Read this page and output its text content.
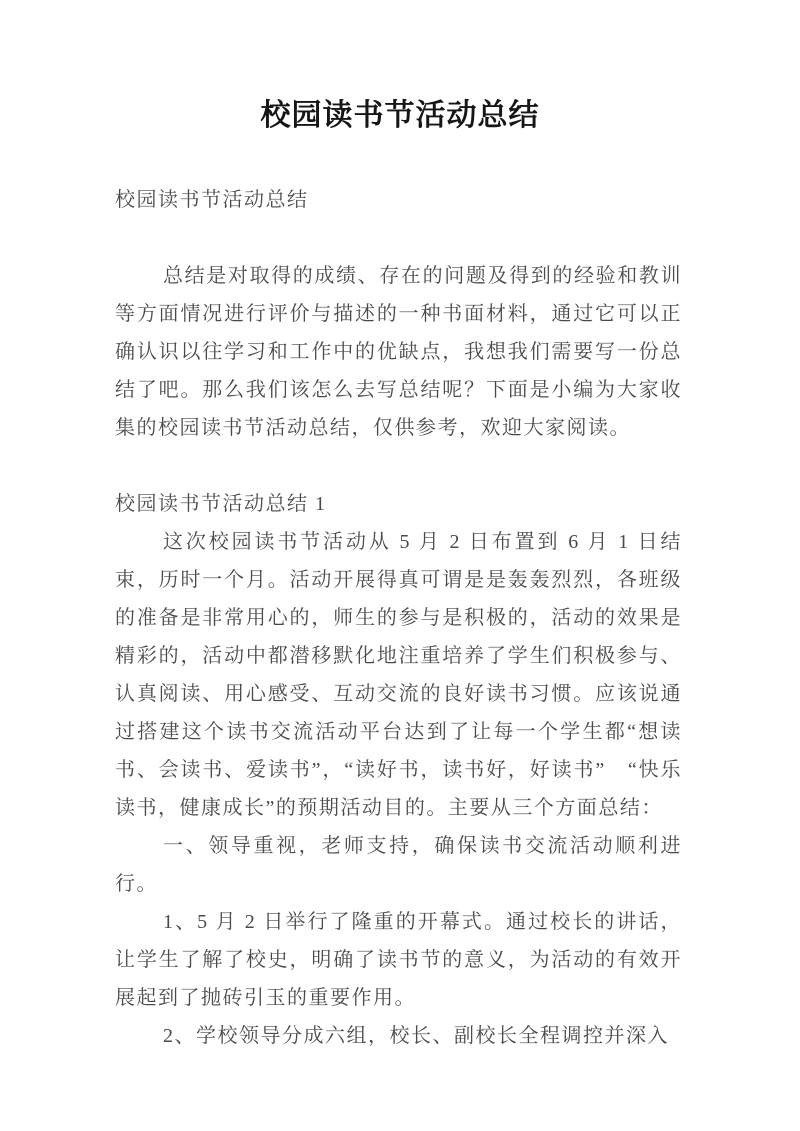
校园读书节活动总结

校园读书节活动总结

总结是对取得的成绩、存在的问题及得到的经验和教训等方面情况进行评价与描述的一种书面材料，通过它可以正确认识以往学习和工作中的优缺点，我想我们需要写一份总结了吧。那么我们该怎么去写总结呢？下面是小编为大家收集的校园读书节活动总结，仅供参考，欢迎大家阅读。

校园读书节活动总结 1

这次校园读书节活动从 5 月 2 日布置到 6 月 1 日结束，历时一个月。活动开展得真可谓是是轰轰烈烈，各班级的准备是非常用心的，师生的参与是积极的，活动的效果是精彩的，活动中都潜移默化地注重培养了学生们积极参与、认真阅读、用心感受、互动交流的良好读书习惯。应该说通过搭建这个读书交流活动平台达到了让每一个学生都“想读书、会读书、爱读书”，“读好书，读书好，好读书”　“快乐读书，健康成长”的预期活动目的。主要从三个方面总结：

一、领导重视，老师支持，确保读书交流活动顺利进行。

1、5 月 2 日举行了隆重的开幕式。通过校长的讲话，让学生了解了校史，明确了读书节的意义，为活动的有效开展起到了抛砖引玉的重要作用。

2、学校领导分成六组，校长、副校长全程调控并深入
